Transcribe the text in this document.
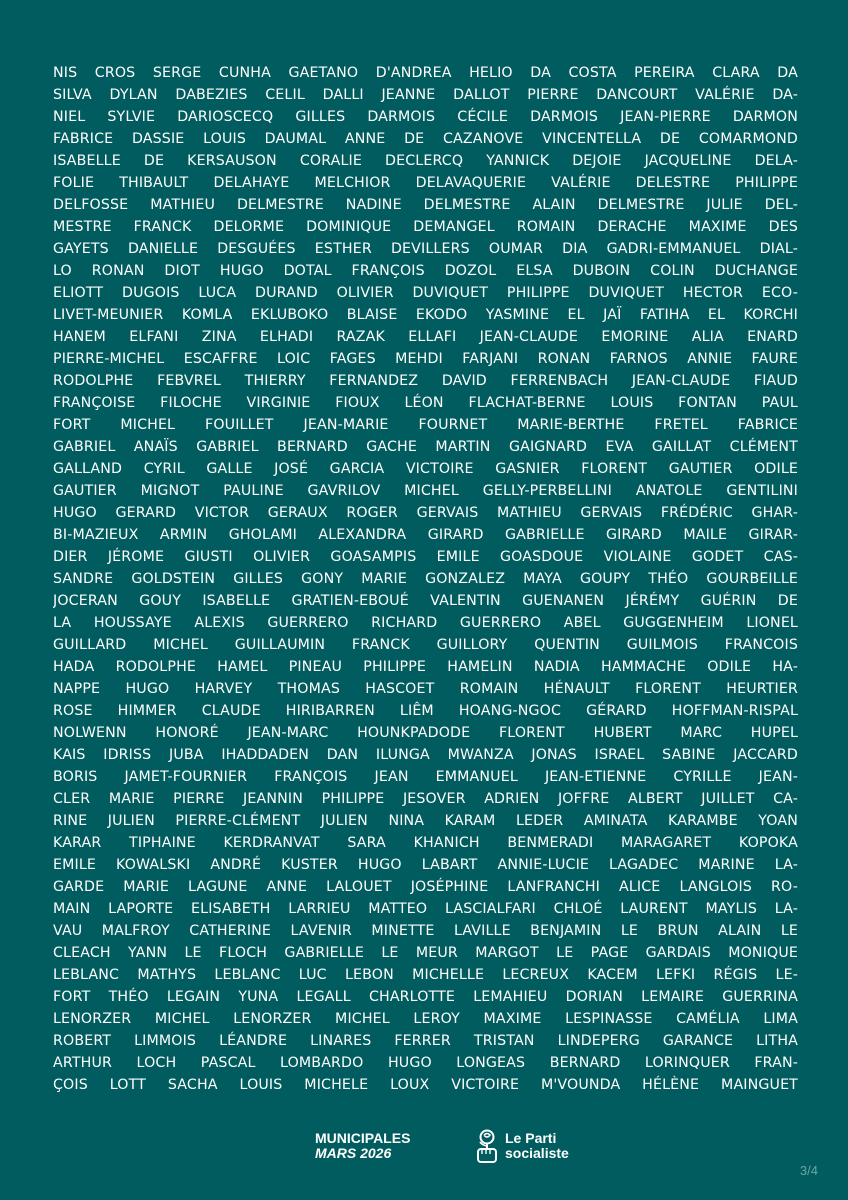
NIS CROS SERGE CUNHA GAETANO D'ANDREA HELIO DA COSTA PEREIRA CLARA DA
SILVA DYLAN DABEZIES CELIL DALLI JEANNE DALLOT PIERRE DANCOURT VALÉRIE DA-
NIEL SYLVIE DARIOSCECQ GILLES DARMOIS CÉCILE DARMOIS JEAN-PIERRE DARMON
FABRICE DASSIE LOUIS DAUMAL ANNE DE CAZANOVE VINCENTELLA DE COMARMOND
ISABELLE DE KERSAUSON CORALIE DECLERCQ YANNICK DEJOIE JACQUELINE DELA-
FOLIE THIBAULT DELAHAYE MELCHIOR DELAVAQUERIE VALÉRIE DELESTRE PHILIPPE
DELFOSSE MATHIEU DELMESTRE NADINE DELMESTRE ALAIN DELMESTRE JULIE DEL-
MESTRE FRANCK DELORME DOMINIQUE DEMANGEL ROMAIN DERACHE MAXIME DES
GAYETS DANIELLE DESGUÉES ESTHER DEVILLERS OUMAR DIA GADRI-EMMANUEL DIAL-
LO RONAN DIOT HUGO DOTAL FRANÇOIS DOZOL ELSA DUBOIN COLIN DUCHANGE
ELIOTT DUGOIS LUCA DURAND OLIVIER DUVIQUET PHILIPPE DUVIQUET HECTOR ECO-
LIVET-MEUNIER KOMLA EKLUBOKO BLAISE EKODO YASMINE EL JAÏ FATIHA EL KORCHI
HANEM ELFANI ZINA ELHADI RAZAK ELLAFI JEAN-CLAUDE EMORINE ALIA ENARD
PIERRE-MICHEL ESCAFFRE LOIC FAGES MEHDI FARJANI RONAN FARNOS ANNIE FAURE
RODOLPHE FEBVREL THIERRY FERNANDEZ DAVID FERRENBACH JEAN-CLAUDE FIAUD
FRANÇOISE FILOCHE VIRGINIE FIOUX LÉON FLACHAT-BERNE LOUIS FONTAN PAUL
FORT MICHEL FOUILLET JEAN-MARIE FOURNET MARIE-BERTHE FRETEL FABRICE
GABRIEL ANAÏS GABRIEL BERNARD GACHE MARTIN GAIGNARD EVA GAILLAT CLÉMENT
GALLAND CYRIL GALLE JOSÉ GARCIA VICTOIRE GASNIER FLORENT GAUTIER ODILE
GAUTIER MIGNOT PAULINE GAVRILOV MICHEL GELLY-PERBELLINI ANATOLE GENTILINI
HUGO GERARD VICTOR GERAUX ROGER GERVAIS MATHIEU GERVAIS FRÉDÉRIC GHAR-
BI-MAZIEUX ARMIN GHOLAMI ALEXANDRA GIRARD GABRIELLE GIRARD MAILE GIRAR-
DIER JÉROME GIUSTI OLIVIER GOASAMPIS EMILE GOASDOUE VIOLAINE GODET CAS-
SANDRE GOLDSTEIN GILLES GONY MARIE GONZALEZ MAYA GOUPY THÉO GOURBEILLE
JOCERAN GOUY ISABELLE GRATIEN-EBOUÉ VALENTIN GUENANEN JÉRÉMY GUÉRIN DE
LA HOUSSAYE ALEXIS GUERRERO RICHARD GUERRERO ABEL GUGGENHEIM LIONEL
GUILLARD MICHEL GUILLAUMIN FRANCK GUILLORY QUENTIN GUILMOIS FRANCOIS
HADA RODOLPHE HAMEL PINEAU PHILIPPE HAMELIN NADIA HAMMACHE ODILE HA-
NAPPE HUGO HARVEY THOMAS HASCOET ROMAIN HÉNAULT FLORENT HEURTIER
ROSE HIMMER CLAUDE HIRIBARREN LIÊM HOANG-NGOC GÉRARD HOFFMAN-RISPAL
NOLWENN HONORÉ JEAN-MARC HOUNKPADODE FLORENT HUBERT MARC HUPEL
KAIS IDRISS JUBA IHADDADEN DAN ILUNGA MWANZA JONAS ISRAEL SABINE JACCARD
BORIS JAMET-FOURNIER FRANÇOIS JEAN EMMANUEL JEAN-ETIENNE CYRILLE JEAN-
CLER MARIE PIERRE JEANNIN PHILIPPE JESOVER ADRIEN JOFFRE ALBERT JUILLET CA-
RINE JULIEN PIERRE-CLÉMENT JULIEN NINA KARAM LEDER AMINATA KARAMBE YOAN
KARAR TIPHAINE KERDRANVAT SARA KHANICH BENMERADI MARAGARET KOPOKA
EMILE KOWALSKI ANDRÉ KUSTER HUGO LABART ANNIE-LUCIE LAGADEC MARINE LA-
GARDE MARIE LAGUNE ANNE LALOUET JOSÉPHINE LANFRANCHI ALICE LANGLOIS RO-
MAIN LAPORTE ELISABETH LARRIEU MATTEO LASCIALFARI CHLOÉ LAURENT MAYLIS LA-
VAU MALFROY CATHERINE LAVENIR MINETTE LAVILLE BENJAMIN LE BRUN ALAIN LE
CLEACH YANN LE FLOCH GABRIELLE LE MEUR MARGOT LE PAGE GARDAIS MONIQUE
LEBLANC MATHYS LEBLANC LUC LEBON MICHELLE LECREUX KACEM LEFKI RÉGIS LE-
FORT THÉO LEGAIN YUNA LEGALL CHARLOTTE LEMAHIEU DORIAN LEMAIRE GUERRINA
LENORZER MICHEL LENORZER MICHEL LEROY MAXIME LESPINASSE CAMÉLIA LIMA
ROBERT LIMMOIS LÉANDRE LINARES FERRER TRISTAN LINDEPERG GARANCE LITHA
ARTHUR LOCH PASCAL LOMBARDO HUGO LONGEAS BERNARD LORINQUER FRAN-
ÇOIS LOTT SACHA LOUIS MICHELE LOUX VICTOIRE M'VOUNDA HÉLÈNE MAINGUET
MUNICIPALES
MARS 2026
Le Parti
socialiste
3/4
